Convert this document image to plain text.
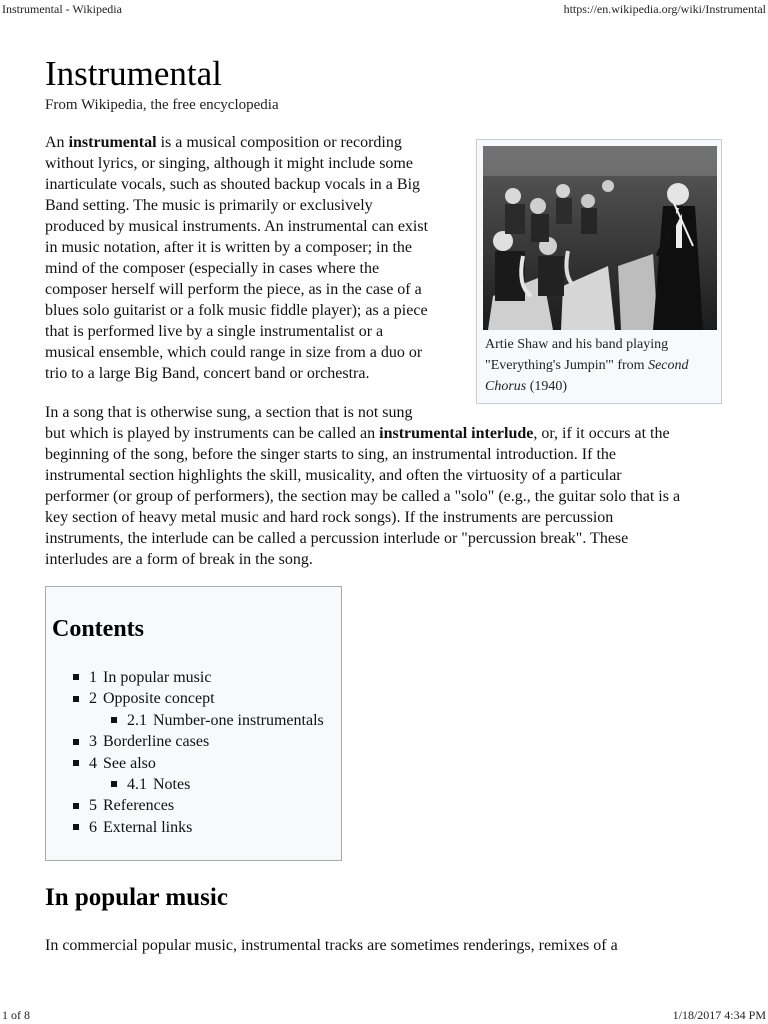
Instrumental - Wikipedia	https://en.wikipedia.org/wiki/Instrumental
Instrumental
From Wikipedia, the free encyclopedia

An instrumental is a musical composition or recording
without lyrics, or singing, although it might include some
inarticulate vocals, such as shouted backup vocals in a Big
Band setting. The music is primarily or exclusively
produced by musical instruments. An instrumental can exist
in music notation, after it is written by a composer; in the
mind of the composer (especially in cases where the
composer herself will perform the piece, as in the case of a
blues solo guitarist or a folk music fiddle player); as a piece
that is performed live by a single instrumentalist or a
musical ensemble, which could range in size from a duo or
trio to a large Big Band, concert band or orchestra.

Artie Shaw and his band playing
"Everything's Jumpin'" from Second
Chorus (1940)

In a song that is otherwise sung, a section that is not sung
but which is played by instruments can be called an instrumental interlude, or, if it occurs at the
beginning of the song, before the singer starts to sing, an instrumental introduction. If the
instrumental section highlights the skill, musicality, and often the virtuosity of a particular
performer (or group of performers), the section may be called a "solo" (e.g., the guitar solo that is a
key section of heavy metal music and hard rock songs). If the instruments are percussion
instruments, the interlude can be called a percussion interlude or "percussion break". These
interludes are a form of break in the song.

Contents
1 In popular music
2 Opposite concept
2.1 Number-one instrumentals
3 Borderline cases
4 See also
4.1 Notes
5 References
6 External links
In popular music

In commercial popular music, instrumental tracks are sometimes renderings, remixes of a

1 of 8	1/18/2017 4:34 PM
